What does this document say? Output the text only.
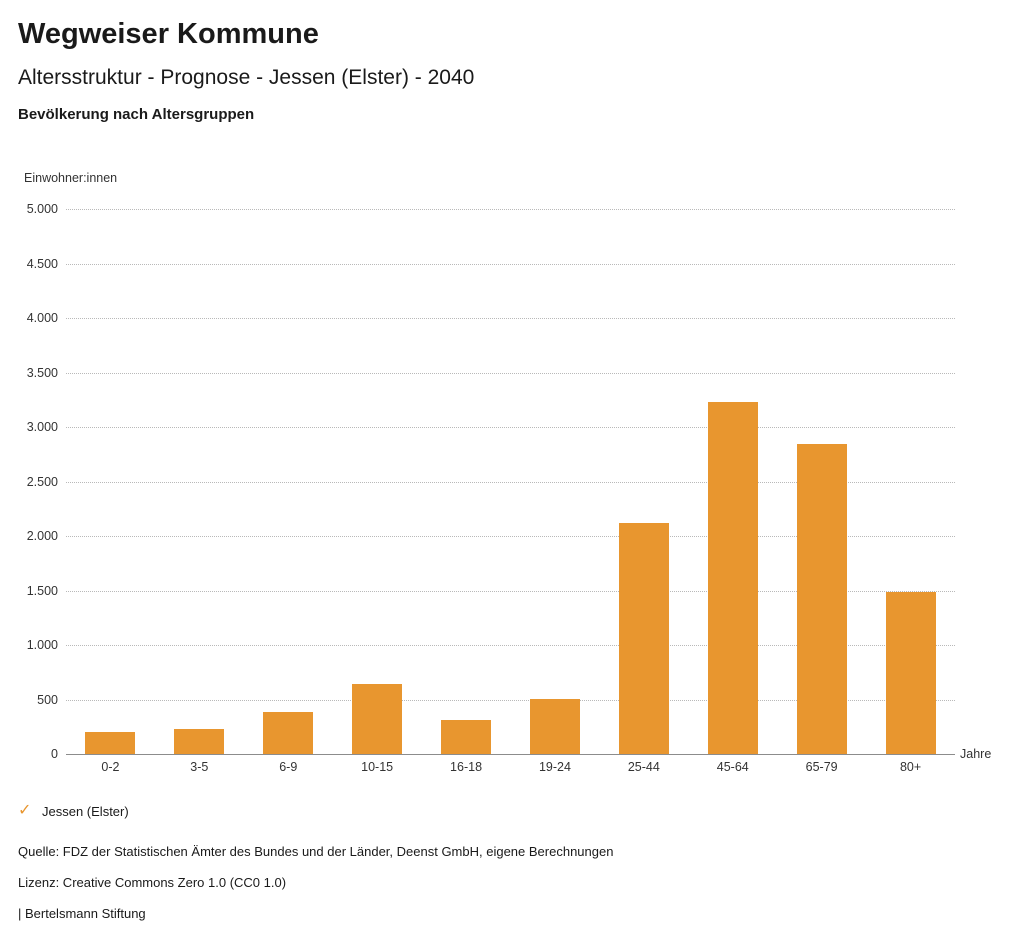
Wegweiser Kommune
Altersstruktur - Prognose - Jessen (Elster) - 2040
Bevölkerung nach Altersgruppen
Einwohner:innen
0
500
1.000
1.500
2.000
2.500
3.000
3.500
4.000
4.500
5.000
0-2	3-5	6-9	10-15	16-18	19-24	25-44	45-64	65-79	80+
Jahre
✓ Jessen (Elster)
Quelle: FDZ der Statistischen Ämter des Bundes und der Länder, Deenst GmbH, eigene Berechnungen
Lizenz: Creative Commons Zero 1.0 (CC0 1.0)
| Bertelsmann Stiftung
